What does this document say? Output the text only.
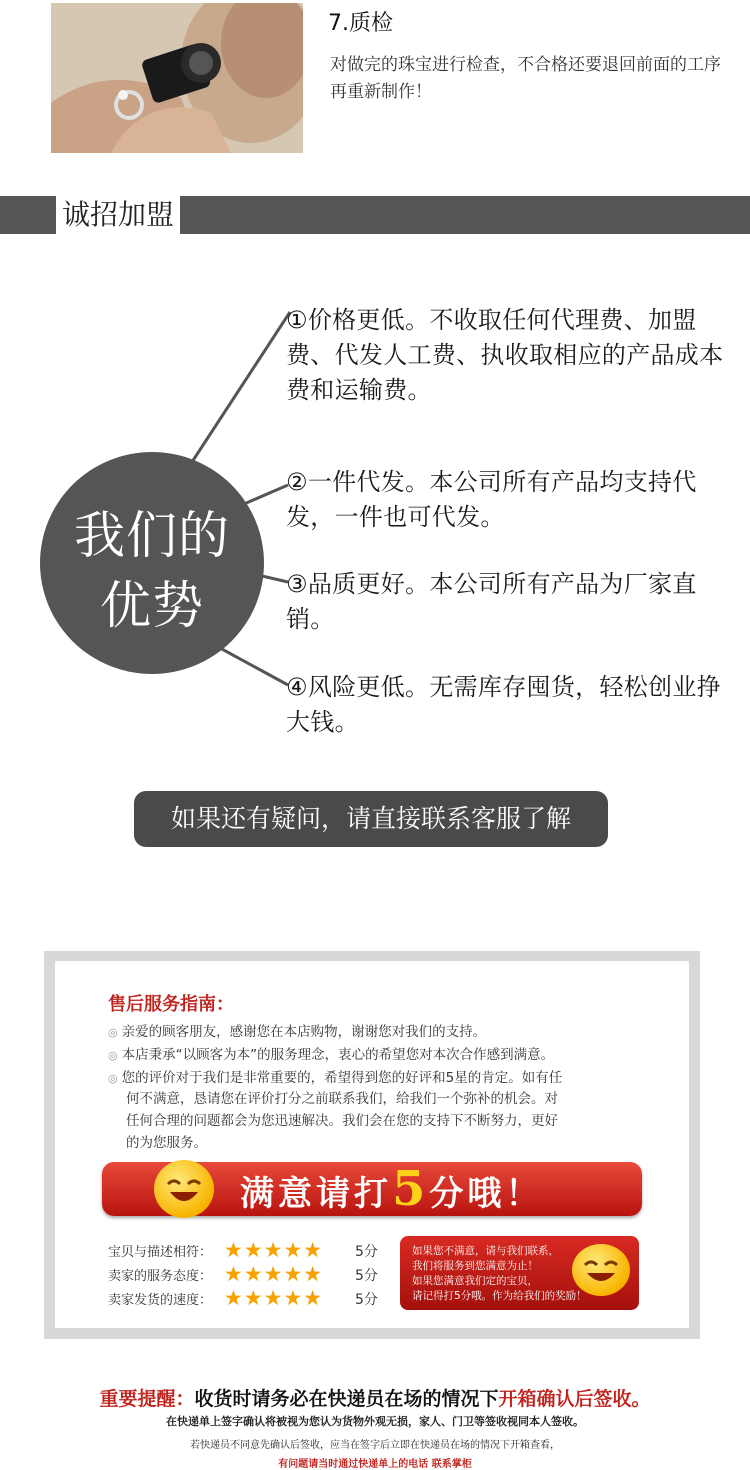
7.质检
对做完的珠宝进行检查，不合格还要退回前面的工序再重新制作！
诚招加盟
我们的
优势
①价格更低。不收取任何代理费、加盟费、代发人工费、执收取相应的产品成本费和运输费。
②一件代发。本公司所有产品均支持代发，一件也可代发。
③品质更好。本公司所有产品为厂家直销。
④风险更低。无需库存囤货，轻松创业挣大钱。
如果还有疑问，请直接联系客服了解
售后服务指南：
◎ 亲爱的顾客朋友，感谢您在本店购物，谢谢您对我们的支持。
◎ 本店秉承“以顾客为本”的服务理念，衷心的希望您对本次合作感到满意。
◎ 您的评价对于我们是非常重要的，希望得到您的好评和5星的肯定。如有任
何不满意，恳请您在评价打分之前联系我们，给我们一个弥补的机会。对
任何合理的问题都会为您迅速解决。我们会在您的支持下不断努力，更好
的为您服务。
满意请打5分哦！
宝贝与描述相符： ★★★★★ 5分
卖家的服务态度： ★★★★★ 5分
卖家发货的速度： ★★★★★ 5分
如果您不满意，请与我们联系，
我们将服务到您满意为止！
如果您满意我们定的宝贝，
请记得打5分哦。作为给我们的奖励！
重要提醒：收货时请务必在快递员在场的情况下开箱确认后签收。
在快递单上签字确认将被视为您认为货物外观无损，家人、门卫等签收视同本人签收。
若快递员不同意先确认后签收，应当在签字后立即在快递员在场的情况下开箱查看，
有问题请当时通过快递单上的电话 联系掌柜
